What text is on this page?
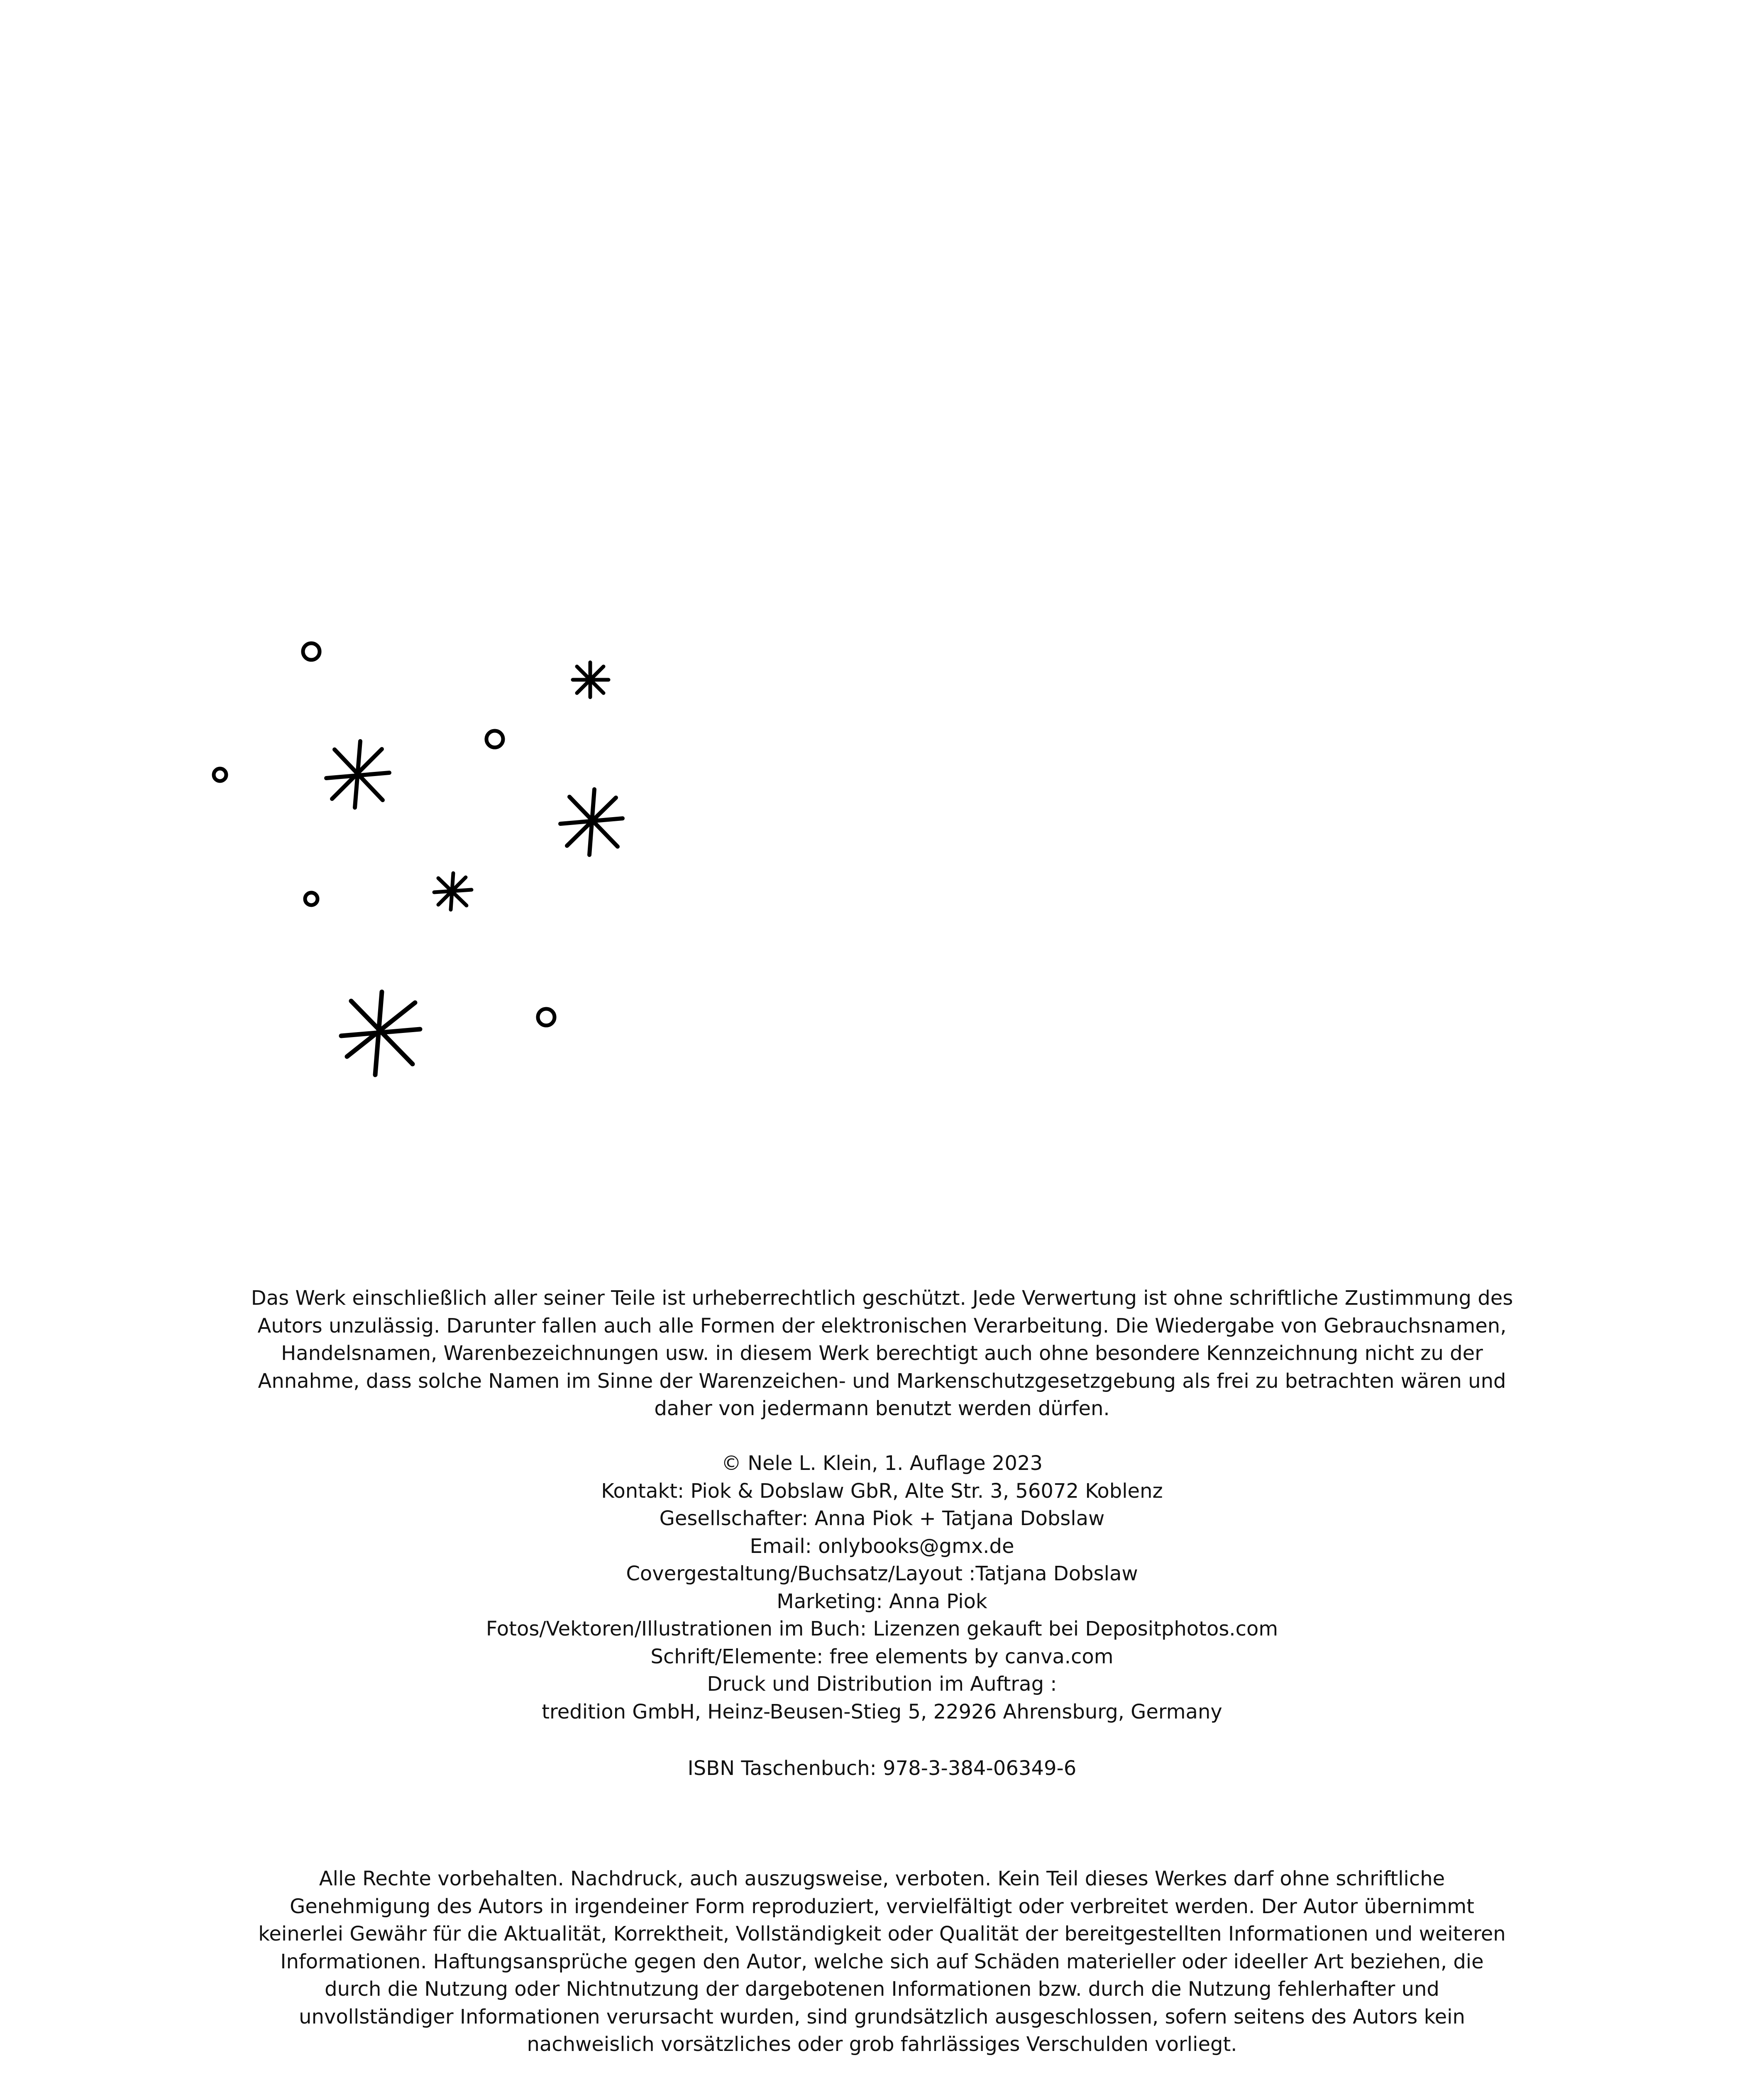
Das Werk einschließlich aller seiner Teile ist urheberrechtlich geschützt. Jede Verwertung ist ohne schriftliche Zustimmung des Autors unzulässig. Darunter fallen auch alle Formen der elektronischen Verarbeitung. Die Wiedergabe von Gebrauchsnamen, Handelsnamen, Warenbezeichnungen usw. in diesem Werk berechtigt auch ohne besondere Kennzeichnung nicht zu der Annahme, dass solche Namen im Sinne der Warenzeichen- und Markenschutzgesetzgebung als frei zu betrachten wären und daher von jedermann benutzt werden dürfen.

© Nele L. Klein, 1. Auflage 2023
Kontakt: Piok & Dobslaw GbR, Alte Str. 3, 56072 Koblenz
Gesellschafter: Anna Piok + Tatjana Dobslaw
Email: onlybooks@gmx.de
Covergestaltung/Buchsatz/Layout :Tatjana Dobslaw
Marketing: Anna Piok
Fotos/Vektoren/Illustrationen im Buch: Lizenzen gekauft bei Depositphotos.com
Schrift/Elemente: free elements by canva.com
Druck und Distribution im Auftrag :
tredition GmbH, Heinz-Beusen-Stieg 5, 22926 Ahrensburg, Germany

ISBN Taschenbuch: 978-3-384-06349-6

Alle Rechte vorbehalten. Nachdruck, auch auszugsweise, verboten. Kein Teil dieses Werkes darf ohne schriftliche Genehmigung des Autors in irgendeiner Form reproduziert, vervielfältigt oder verbreitet werden. Der Autor übernimmt keinerlei Gewähr für die Aktualität, Korrektheit, Vollständigkeit oder Qualität der bereitgestellten Informationen und weiteren Informationen. Haftungsansprüche gegen den Autor, welche sich auf Schäden materieller oder ideeller Art beziehen, die durch die Nutzung oder Nichtnutzung der dargebotenen Informationen bzw. durch die Nutzung fehlerhafter und unvollständiger Informationen verursacht wurden, sind grundsätzlich ausgeschlossen, sofern seitens des Autors kein nachweislich vorsätzliches oder grob fahrlässiges Verschulden vorliegt.
